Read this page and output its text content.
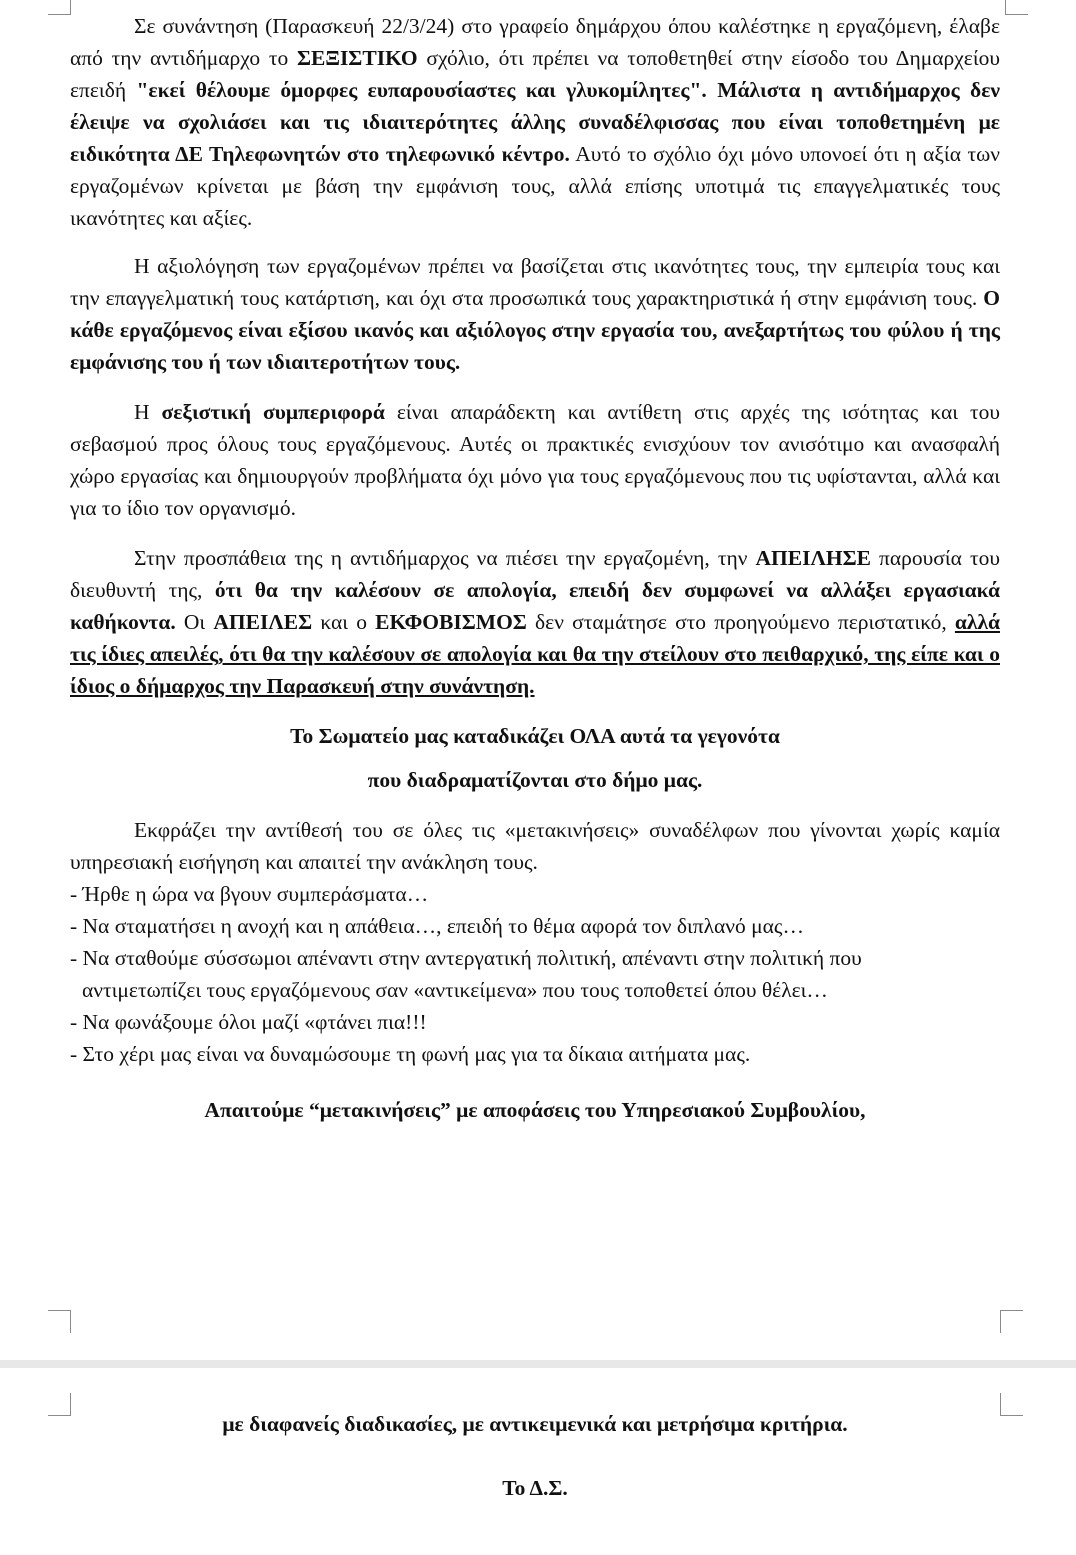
Σε συνάντηση (Παρασκευή 22/3/24) στο γραφείο δημάρχου όπου καλέστηκε η εργαζόμενη, έλαβε από την αντιδήμαρχο το ΣΕΞΙΣΤΙΚΟ σχόλιο, ότι πρέπει να τοποθετηθεί στην είσοδο του Δημαρχείου επειδή "εκεί θέλουμε όμορφες ευπαρουσίαστες και γλυκομίλητες". Μάλιστα η αντιδήμαρχος δεν έλειψε να σχολιάσει και τις ιδιαιτερότητες άλλης συναδέλφισσας που είναι τοποθετημένη με ειδικότητα ΔΕ Τηλεφωνητών στο τηλεφωνικό κέντρο. Αυτό το σχόλιο όχι μόνο υπονοεί ότι η αξία των εργαζομένων κρίνεται με βάση την εμφάνιση τους, αλλά επίσης υποτιμά τις επαγγελματικές τους ικανότητες και αξίες.

Η αξιολόγηση των εργαζομένων πρέπει να βασίζεται στις ικανότητες τους, την εμπειρία τους και την επαγγελματική τους κατάρτιση, και όχι στα προσωπικά τους χαρακτηριστικά ή στην εμφάνιση τους. Ο κάθε εργαζόμενος είναι εξίσου ικανός και αξιόλογος στην εργασία του, ανεξαρτήτως του φύλου ή της εμφάνισης του ή των ιδιαιτεροτήτων τους.

Η σεξιστική συμπεριφορά είναι απαράδεκτη και αντίθετη στις αρχές της ισότητας και του σεβασμού προς όλους τους εργαζόμενους. Αυτές οι πρακτικές ενισχύουν τον ανισότιμο και ανασφαλή χώρο εργασίας και δημιουργούν προβλήματα όχι μόνο για τους εργαζόμενους που τις υφίστανται, αλλά και για το ίδιο τον οργανισμό.

Στην προσπάθεια της η αντιδήμαρχος να πιέσει την εργαζομένη, την ΑΠΕΙΛΗΣΕ παρουσία του διευθυντή της, ότι θα την καλέσουν σε απολογία, επειδή δεν συμφωνεί να αλλάξει εργασιακά καθήκοντα. Οι ΑΠΕΙΛΕΣ και ο ΕΚΦΟΒΙΣΜΟΣ δεν σταμάτησε στο προηγούμενο περιστατικό, αλλά τις ίδιες απειλές, ότι θα την καλέσουν σε απολογία και θα την στείλουν στο πειθαρχικό, της είπε και ο ίδιος ο δήμαρχος την Παρασκευή στην συνάντηση.

Το Σωματείο μας καταδικάζει ΟΛΑ αυτά τα γεγονότα

που διαδραματίζονται στο δήμο μας.

Εκφράζει την αντίθεσή του σε όλες τις «μετακινήσεις» συναδέλφων που γίνονται χωρίς καμία υπηρεσιακή εισήγηση και απαιτεί την ανάκληση τους.

- Ήρθε η ώρα να βγουν συμπεράσματα…

- Να σταματήσει η ανοχή και η απάθεια…, επειδή το θέμα αφορά τον διπλανό μας…

- Να σταθούμε σύσσωμοι απέναντι στην αντεργατική πολιτική, απέναντι στην πολιτική που

αντιμετωπίζει τους εργαζόμενους σαν «αντικείμενα» που τους τοποθετεί όπου θέλει…

- Να φωνάξουμε όλοι μαζί «φτάνει πια!!!

- Στο χέρι μας είναι να δυναμώσουμε τη φωνή μας για τα δίκαια αιτήματα μας.

Απαιτούμε “μετακινήσεις” με αποφάσεις του Υπηρεσιακού Συμβουλίου,

με διαφανείς διαδικασίες, με αντικειμενικά και μετρήσιμα κριτήρια.

Το Δ.Σ.
